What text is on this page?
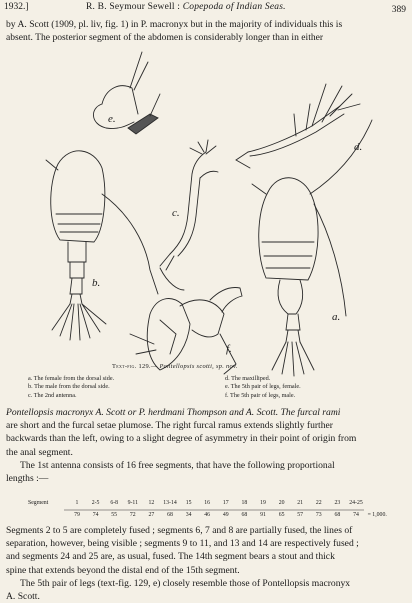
1932.]	R. B. Seymour Sewell : Copepoda of Indian Seas.	389
by A. Scott (1909, pl. liv, fig. 1) in P. macronyx but in the majority of individuals this is
absent. The posterior segment of the abdomen is considerably longer than in either
e.
c.
d.
b.
a.
f.
Text-fig. 129.— Pontellopsis scotti, sp. nov.
a. The female from the dorsal side.
b. The male from the dorsal side.
c. The 2nd antenna.
d. The maxilliped.
e. The 5th pair of legs, female.
f. The 5th pair of legs, male.
Pontellopsis macronyx A. Scott or P. herdmani Thompson and A. Scott. The furcal rami
are short and the furcal setae plumose. The right furcal ramus extends slightly further
backwards than the left, owing to a slight degree of asymmetry in their point of origin from
the anal segment.
The 1st antenna consists of 16 free segments, that have the following proportional
lengths :—
Segment	1	2-5	6-8	9-11	12	13-14	15	16	17	18	19	20	21	22	23	24-25
79	74	55	72	27	68	34	46	49	68	91	65	57	73	68	74	= 1,000.
Segments 2 to 5 are completely fused ; segments 6, 7 and 8 are partially fused, the lines of
separation, however, being visible ; segments 9 to 11, and 13 and 14 are respectively fused ;
and segments 24 and 25 are, as usual, fused. The 14th segment bears a stout and thick
spine that extends beyond the distal end of the 15th segment.
The 5th pair of legs (text-fig. 129, e) closely resemble those of Pontellopsis macronyx
A. Scott.
